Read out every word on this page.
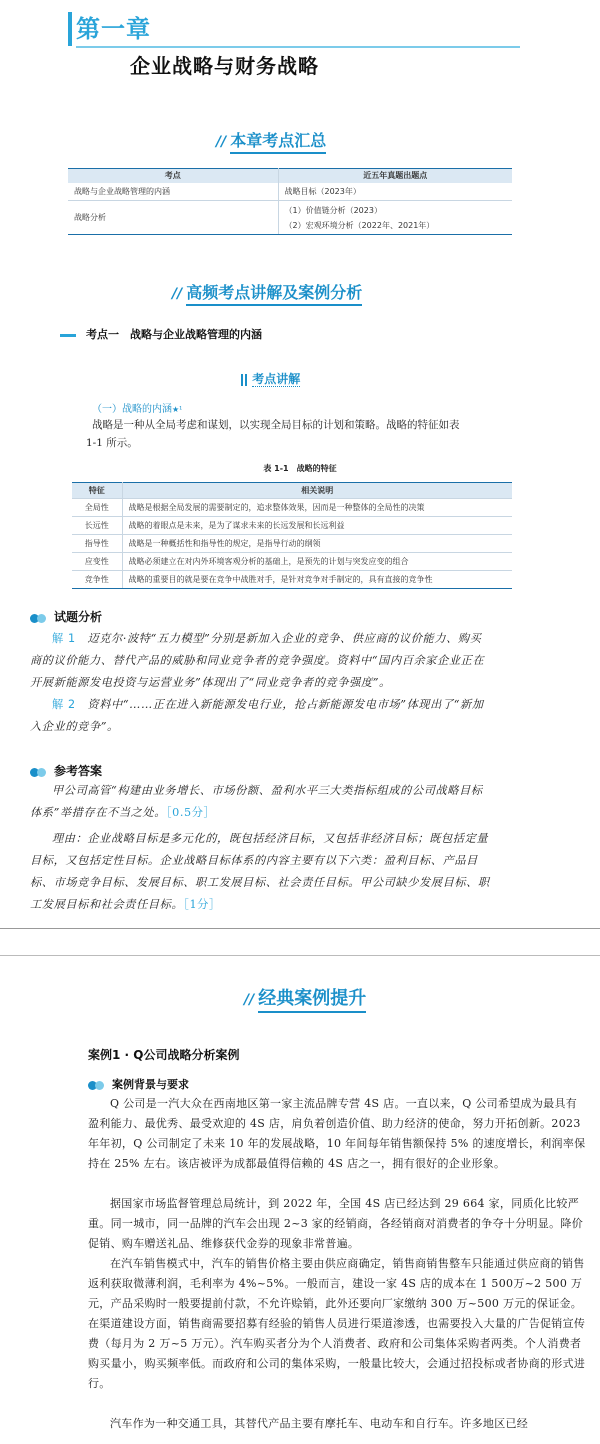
第一章
企业战略与财务战略
// 本章考点汇总
考点	近五年真题出题点
战略与企业战略管理的内涵	战略目标（2023年）
战略分析	（1）价值链分析（2023）
（2）宏观环境分析（2022年、2021年）
// 高频考点讲解及案例分析
考点一　战略与企业战略管理的内涵
考点讲解
（一）战略的内涵★¹
战略是一种从全局考虑和谋划，以实现全局目标的计划和策略。战略的特征如表
1-1 所示。
表 1-1　战略的特征
特征	相关说明
全局性	战略是根据全局发展的需要制定的，追求整体效果，因而是一种整体的全局性的决策
长远性	战略的着眼点是未来，是为了谋求未来的长远发展和长远利益
指导性	战略是一种概括性和指导性的规定，是指导行动的纲领
应变性	战略必须建立在对内外环境客观分析的基础上，是预先的计划与突发应变的组合
竞争性	战略的重要目的就是要在竞争中战胜对手，是针对竞争对手制定的，具有直接的竞争性
试题分析
解 1　 迈克尔·波特“五力模型”分别是新加入企业的竞争、供应商的议价能力、购买
商的议价能力、替代产品的威胁和同业竞争者的竞争强度。资料中“国内百余家企业正在
开展新能源发电投资与运营业务”体现出了“同业竞争者的竞争强度”。
解 2　 资料中“……正在进入新能源发电行业，抢占新能源发电市场”体现出了“新加
入企业的竞争”。
参考答案
甲公司高管“构建由业务增长、市场份额、盈利水平三大类指标组成的公司战略目标
体系”举措存在不当之处。［0.5分］
理由：企业战略目标是多元化的，既包括经济目标，又包括非经济目标；既包括定量
目标，又包括定性目标。企业战略目标体系的内容主要有以下六类：盈利目标、产品目
标、市场竞争目标、发展目标、职工发展目标、社会责任目标。甲公司缺少发展目标、职
工发展目标和社会责任目标。［1分］
// 经典案例提升
案例1 · Q公司战略分析案例
案例背景与要求
Q 公司是一汽大众在西南地区第一家主流品牌专营 4S 店。一直以来，Q 公司希望成为最具有盈利能力、最优秀、最受欢迎的 4S 店，肩负着创造价值、助力经济的使命，努力开拓创新。2023 年年初，Q 公司制定了未来 10 年的发展战略，10 年间每年销售额保持 5% 的速度增长，利润率保持在 25% 左右。该店被评为成都最值得信赖的 4S 店之一，拥有很好的企业形象。
据国家市场监督管理总局统计，到 2022 年，全国 4S 店已经达到 29 664 家，同质化比较严重。同一城市，同一品牌的汽车会出现 2~3 家的经销商，各经销商对消费者的争夺十分明显。降价促销、购车赠送礼品、维修获代金券的现象非常普遍。
在汽车销售模式中，汽车的销售价格主要由供应商确定，销售商销售整车只能通过供应商的销售返利获取微薄利润，毛利率为 4%~5%。一般而言，建设一家 4S 店的成本在 1 500万~2 500 万元，产品采购时一般要提前付款，不允许赊销，此外还要向厂家缴纳 300 万~500 万元的保证金。在渠道建设方面，销售商需要招募有经验的销售人员进行渠道渗透，也需要投入大量的广告促销宣传费（每月为 2 万~5 万元）。汽车购买者分为个人消费者、政府和公司集体采购者两类。个人消费者购买量小，购买频率低。而政府和公司的集体采购，一般量比较大，会通过招投标或者协商的形式进行。
汽车作为一种交通工具，其替代产品主要有摩托车、电动车和自行车。许多地区已经
